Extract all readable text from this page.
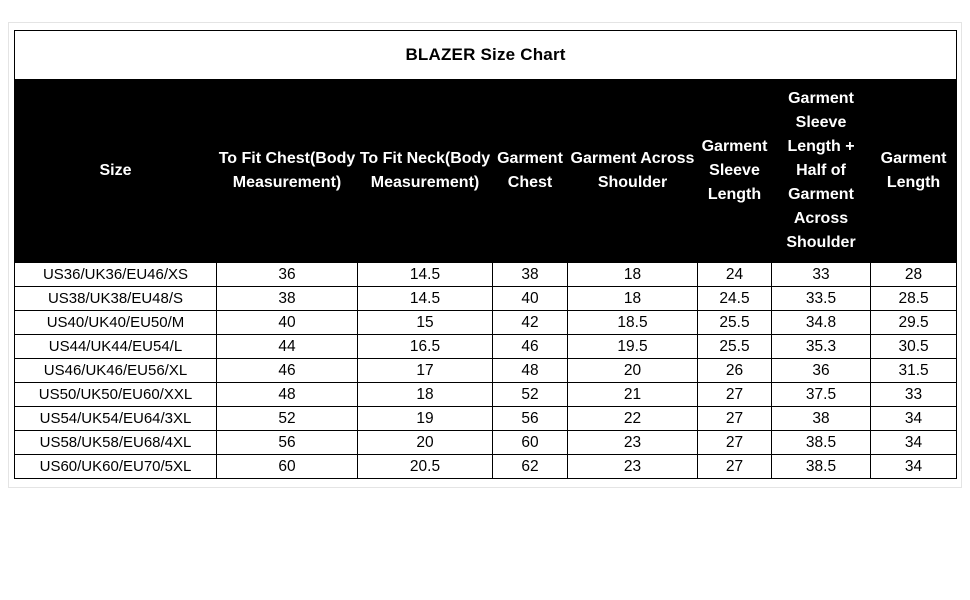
BLAZER Size Chart							
Size	To Fit Chest(Body Measurement)	To Fit Neck(Body Measurement)	Garment Chest	Garment Across Shoulder	Garment Sleeve Length	Garment Sleeve Length + Half of Garment Across Shoulder	Garment Length
US36/UK36/EU46/XS	36	14.5	38	18	24	33	28
US38/UK38/EU48/S	38	14.5	40	18	24.5	33.5	28.5
US40/UK40/EU50/M	40	15	42	18.5	25.5	34.8	29.5
US44/UK44/EU54/L	44	16.5	46	19.5	25.5	35.3	30.5
US46/UK46/EU56/XL	46	17	48	20	26	36	31.5
US50/UK50/EU60/XXL	48	18	52	21	27	37.5	33
US54/UK54/EU64/3XL	52	19	56	22	27	38	34
US58/UK58/EU68/4XL	56	20	60	23	27	38.5	34
US60/UK60/EU70/5XL	60	20.5	62	23	27	38.5	34
